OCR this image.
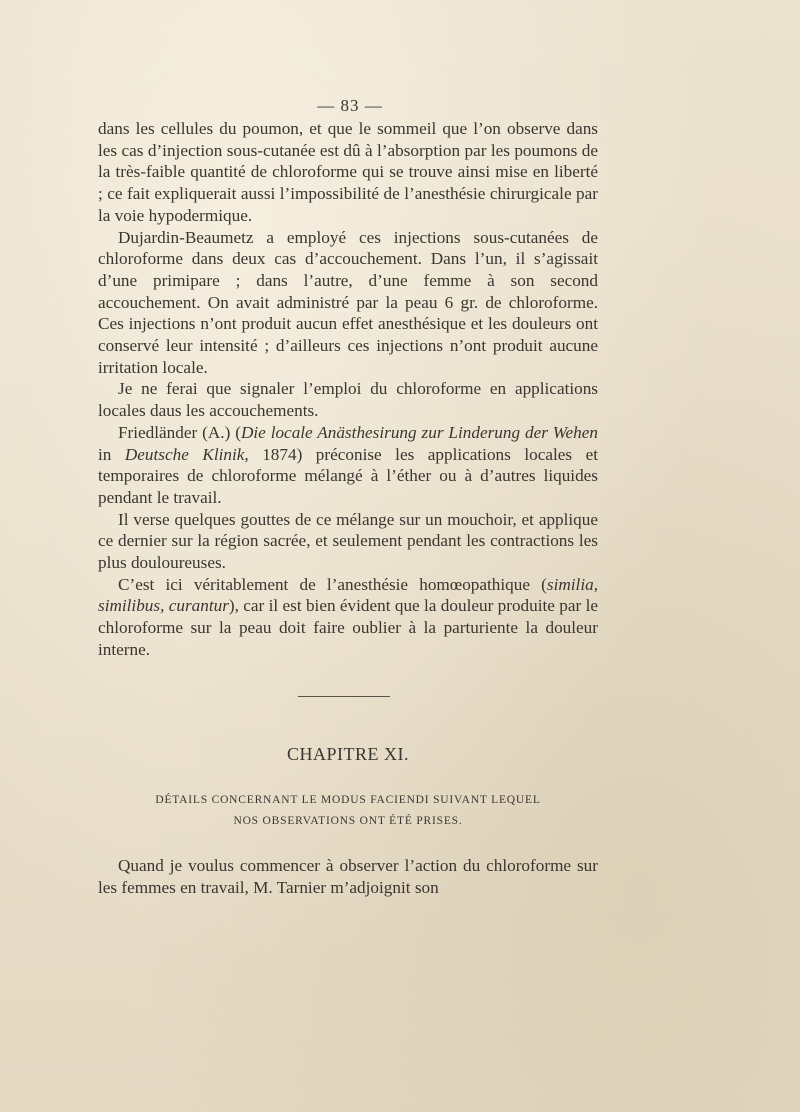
— 83 —

dans les cellules du poumon, et que le sommeil que l’on observe dans les cas d’injection sous-cutanée est dû à l’absorption par les poumons de la très-faible quantité de chloroforme qui se trouve ainsi mise en liberté ; ce fait expliquerait aussi l’impossibilité de l’anesthésie chirurgicale par la voie hypodermique.

Dujardin-Beaumetz a employé ces injections sous-cutanées de chloroforme dans deux cas d’accouchement. Dans l’un, il s’agissait d’une primipare ; dans l’autre, d’une femme à son second accouchement. On avait administré par la peau 6 gr. de chloroforme. Ces injections n’ont produit aucun effet anesthésique et les douleurs ont conservé leur intensité ; d’ailleurs ces injections n’ont produit aucune irritation locale.

Je ne ferai que signaler l’emploi du chloroforme en applications locales daus les accouchements.

Friedländer (A.) (Die locale Anästhesirung zur Linderung der Wehen in Deutsche Klinik, 1874) préconise les applications locales et temporaires de chloroforme mélangé à l’éther ou à d’autres liquides pendant le travail.

Il verse quelques gouttes de ce mélange sur un mouchoir, et applique ce dernier sur la région sacrée, et seulement pendant les contractions les plus douloureuses.

C’est ici véritablement de l’anesthésie homœopathique (similia, similibus, curantur), car il est bien évident que la douleur produite par le chloroforme sur la peau doit faire oublier à la parturiente la douleur interne.

CHAPITRE XI.
DÉTAILS CONCERNANT LE MODUS FACIENDI SUIVANT LEQUEL
NOS OBSERVATIONS ONT ÉTÉ PRISES.

Quand je voulus commencer à observer l’action du chloroforme sur les femmes en travail, M. Tarnier m’adjoignit son
